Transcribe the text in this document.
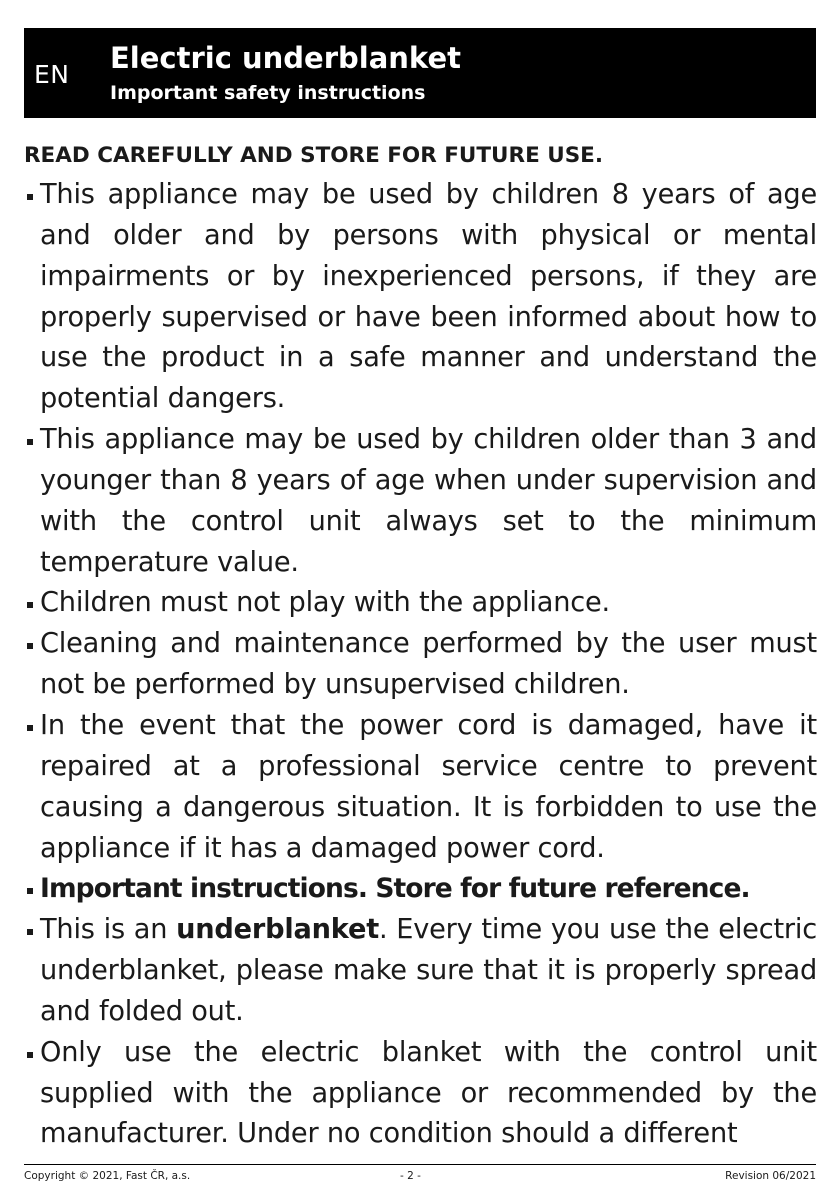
EN Electric underblanket
Important safety instructions
READ CAREFULLY AND STORE FOR FUTURE USE.
This appliance may be used by children 8 years of age and older and by persons with physical or mental impairments or by inexperienced persons, if they are properly supervised or have been informed about how to use the product in a safe manner and understand the potential dangers.
This appliance may be used by children older than 3 and younger than 8 years of age when under supervision and with the control unit always set to the minimum temperature value.
Children must not play with the appliance.
Cleaning and maintenance performed by the user must not be performed by unsupervised children.
In the event that the power cord is damaged, have it repaired at a professional service centre to prevent causing a dangerous situation. It is forbidden to use the appliance if it has a damaged power cord.
Important instructions. Store for future reference.
This is an underblanket. Every time you use the electric underblanket, please make sure that it is properly spread and folded out.
Only use the electric blanket with the control unit supplied with the appliance or recommended by the manufacturer. Under no condition should a different
Copyright © 2021, Fast ČR, a.s.	- 2 -	Revision 06/2021
